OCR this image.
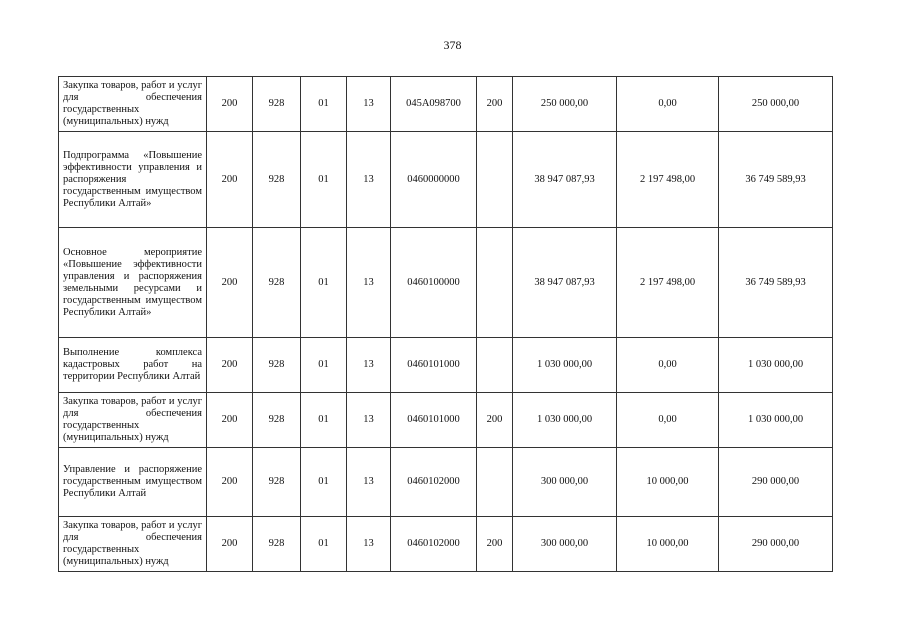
378
Закупка товаров, работ и услуг для обеспечения государственных (муниципальных) нужд	200	928	01	13	045A098700	200	250 000,00	0,00	250 000,00
Подпрограмма «Повышение эффективности управления и распоряжения государственным имуществом Республики Алтай»	200	928	01	13	0460000000		38 947 087,93	2 197 498,00	36 749 589,93
Основное мероприятие «Повышение эффективности управления и распоряжения земельными ресурсами и государственным имуществом Республики Алтай»	200	928	01	13	0460100000		38 947 087,93	2 197 498,00	36 749 589,93
Выполнение комплекса кадастровых работ на территории Республики Алтай	200	928	01	13	0460101000		1 030 000,00	0,00	1 030 000,00
Закупка товаров, работ и услуг для обеспечения государственных (муниципальных) нужд	200	928	01	13	0460101000	200	1 030 000,00	0,00	1 030 000,00
Управление и распоряжение государственным имуществом Республики Алтай	200	928	01	13	0460102000		300 000,00	10 000,00	290 000,00
Закупка товаров, работ и услуг для обеспечения государственных (муниципальных) нужд	200	928	01	13	0460102000	200	300 000,00	10 000,00	290 000,00
